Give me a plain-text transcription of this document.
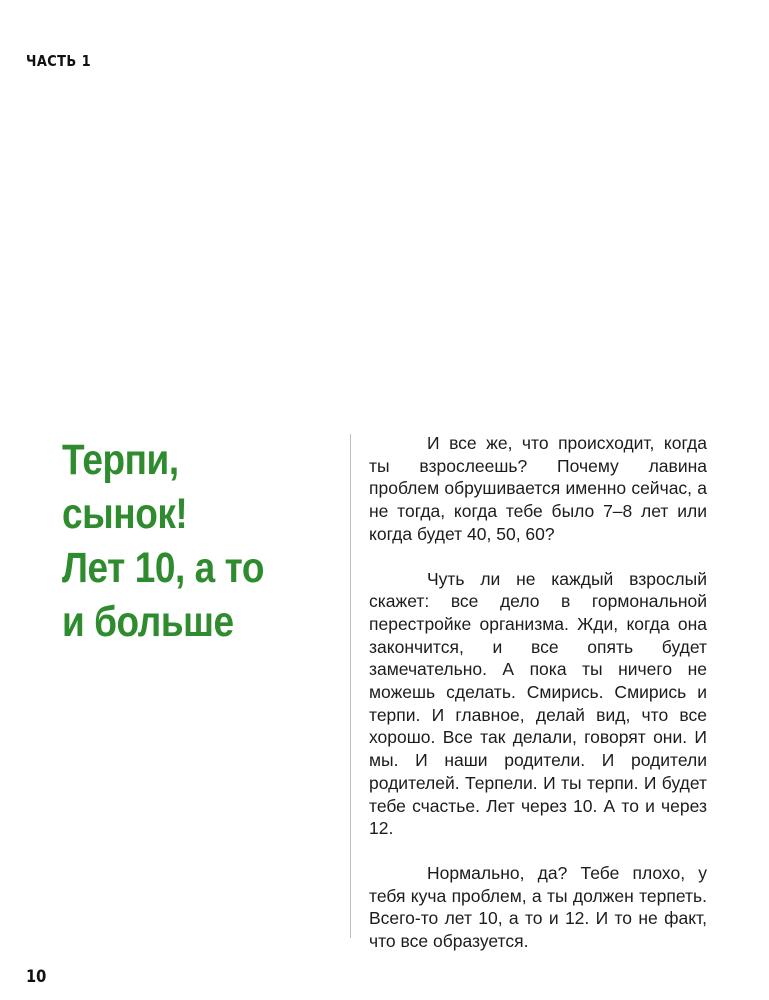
ЧАСТЬ 1
Терпи,
сынок!
Лет 10, а то
и больше

И все же, что происходит, когда ты взрослеешь? Почему лавина проблем обрушивается именно сейчас, а не тогда, когда тебе было 7–8 лет или когда будет 40, 50, 60?

Чуть ли не каждый взрослый скажет: все дело в гормональной перестройке организма. Жди, когда она закончится, и все опять будет замечательно. А пока ты ничего не можешь сделать. Смирись. Смирись и терпи. И главное, делай вид, что все хорошо. Все так делали, говорят они. И мы. И наши родители. И родители родителей. Терпели. И ты терпи. И будет тебе счастье. Лет через 10. А то и через 12.

Нормально, да? Тебе плохо, у тебя куча проблем, а ты должен терпеть. Всего-то лет 10, а то и 12. И то не факт, что все образуется.

10
